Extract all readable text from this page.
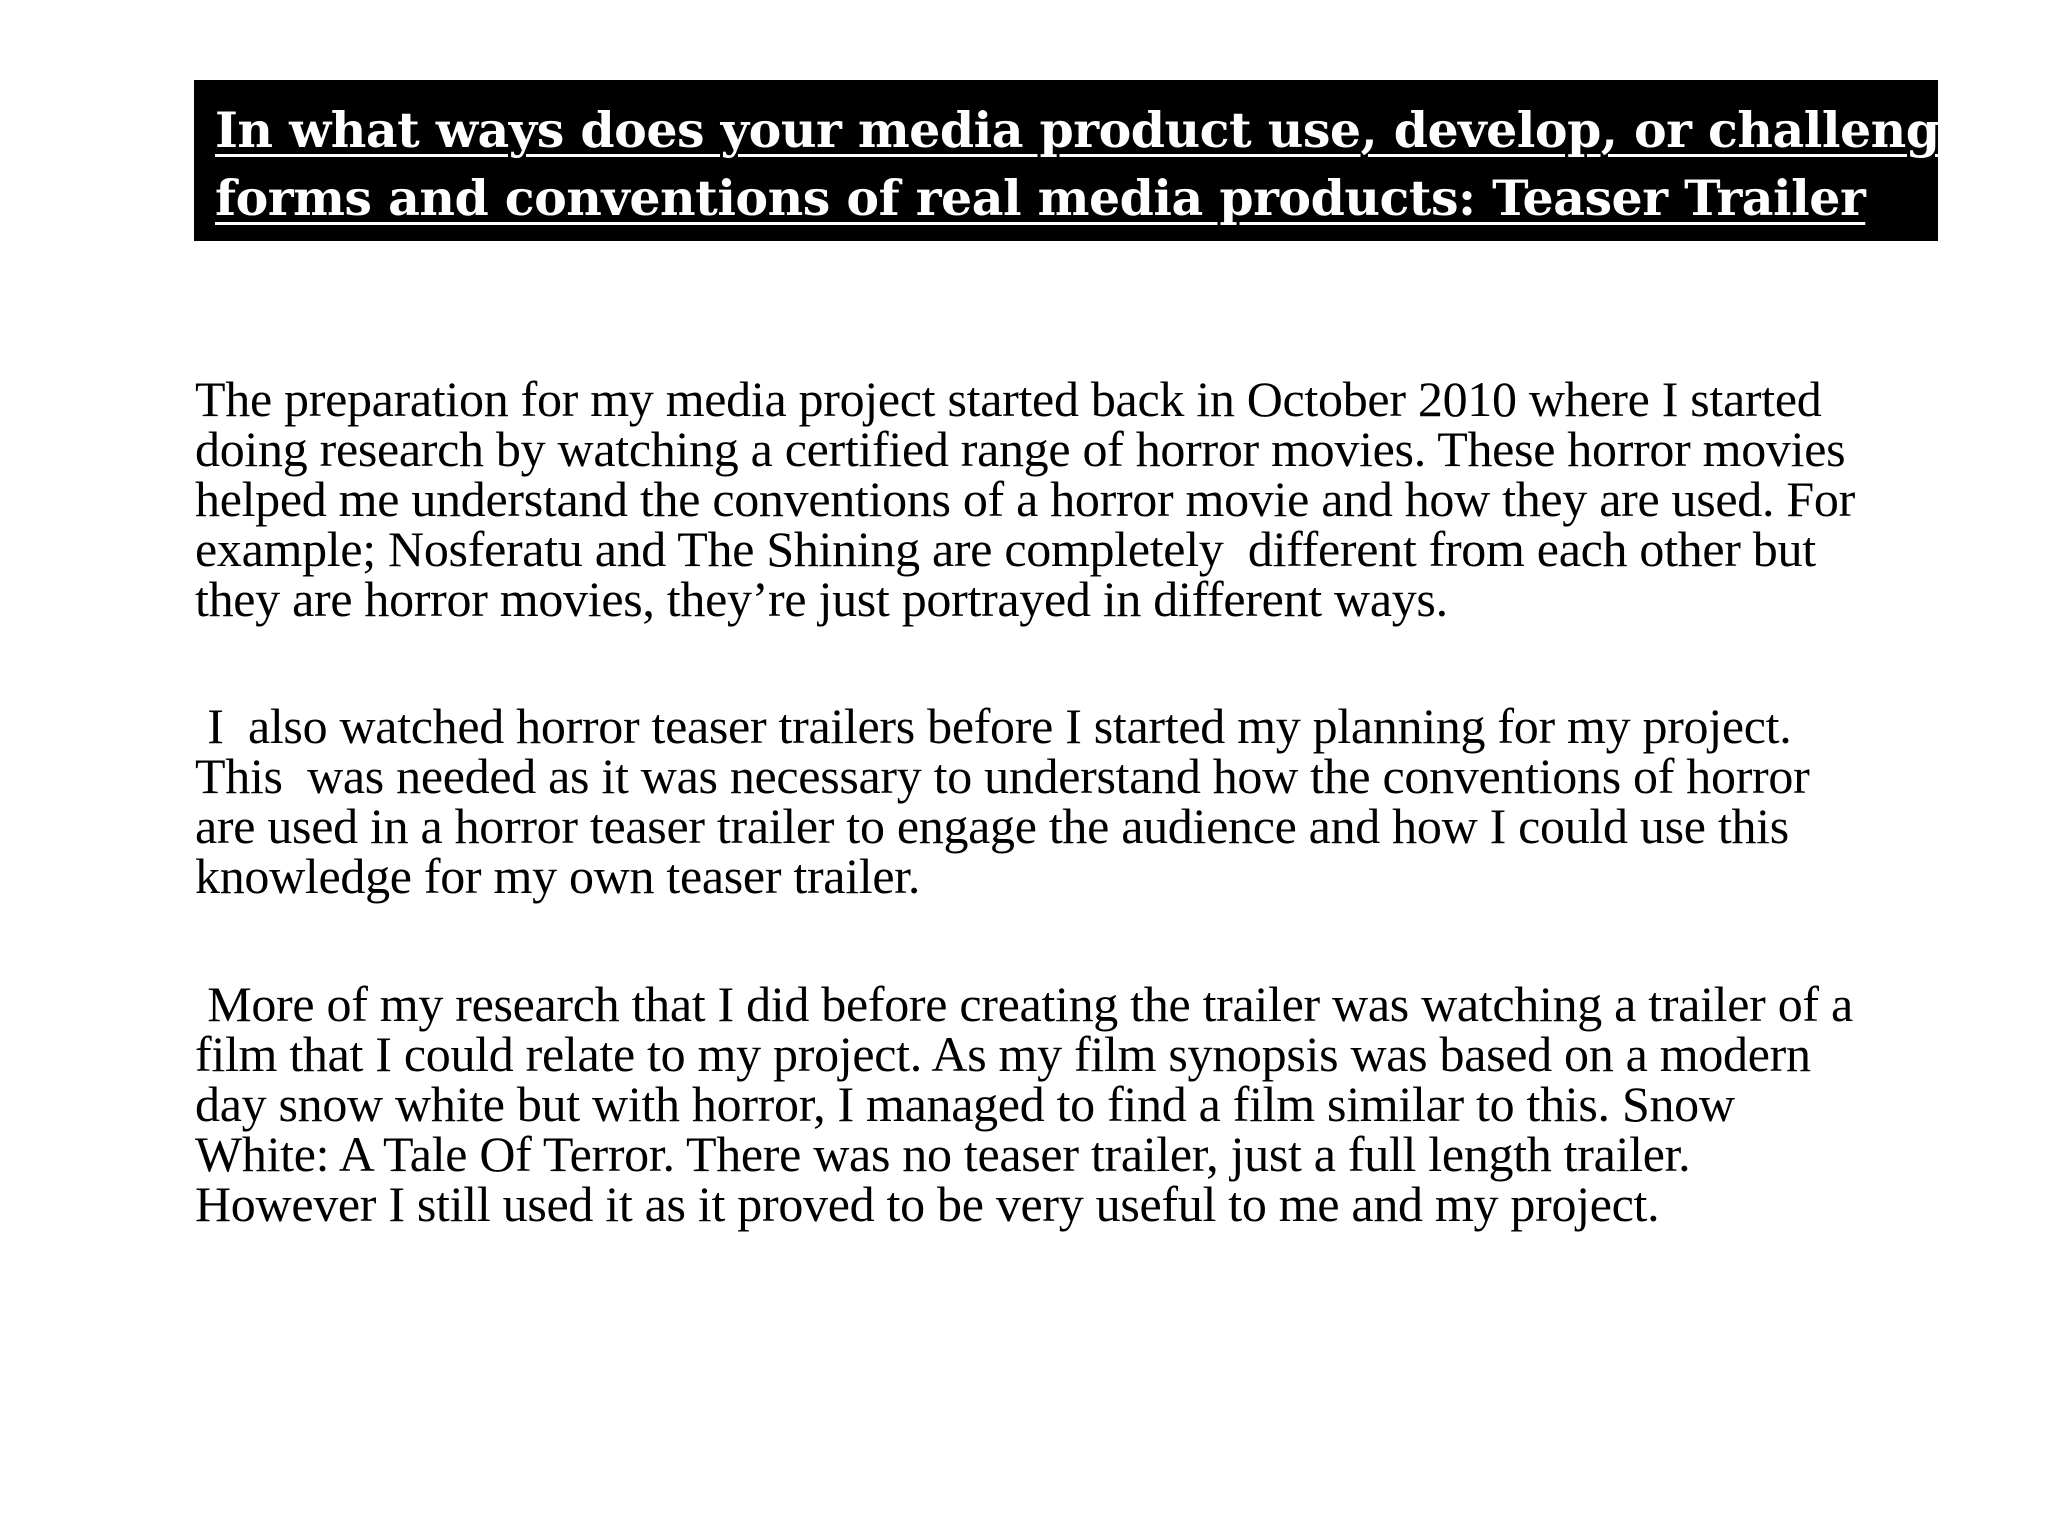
In what ways does your media product use, develop, or challenge
forms and conventions of real media products: Teaser Trailer

The preparation for my media project started back in October 2010 where I started
doing research by watching a certified range of horror movies. These horror movies
helped me understand the conventions of a horror movie and how they are used. For
example; Nosferatu and The Shining are completely  different from each other but
they are horror movies, they’re just portrayed in different ways.

I  also watched horror teaser trailers before I started my planning for my project.
This  was needed as it was necessary to understand how the conventions of horror
are used in a horror teaser trailer to engage the audience and how I could use this
knowledge for my own teaser trailer.

More of my research that I did before creating the trailer was watching a trailer of a
film that I could relate to my project. As my film synopsis was based on a modern
day snow white but with horror, I managed to find a film similar to this. Snow
White: A Tale Of Terror. There was no teaser trailer, just a full length trailer.
However I still used it as it proved to be very useful to me and my project.
